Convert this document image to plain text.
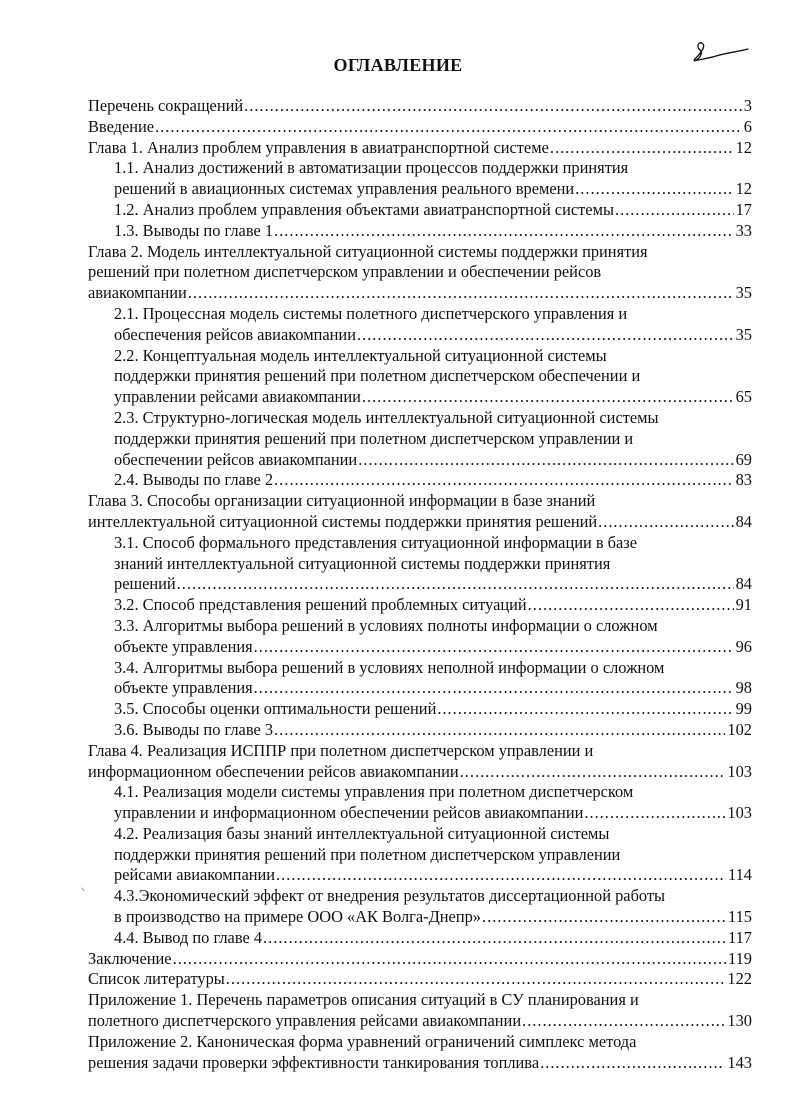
ОГЛАВЛЕНИЕ
Перечень сокращений .....	3
Введение .....	6
Глава 1. Анализ проблем управления в авиатранспортной системе .....	12
1.1. Анализ достижений в автоматизации процессов поддержки принятия
решений в авиационных системах управления реального времени .....	12
1.2. Анализ проблем управления объектами авиатранспортной системы .....	17
1.3. Выводы по главе 1 .....	33
Глава 2. Модель интеллектуальной ситуационной системы поддержки принятия
решений при полетном диспетчерском управлении и обеспечении рейсов
авиакомпании .....	35
2.1. Процессная модель системы полетного диспетчерского управления и
обеспечения рейсов авиакомпании .....	35
2.2. Концептуальная модель интеллектуальной ситуационной системы
поддержки принятия решений при полетном диспетчерском обеспечении и
управлении рейсами авиакомпании .....	65
2.3. Структурно-логическая модель интеллектуальной ситуационной системы
поддержки принятия решений при полетном диспетчерском управлении и
обеспечении рейсов авиакомпании .....	69
2.4. Выводы по главе 2 .....	83
Глава 3. Способы организации ситуационной информации в базе знаний
интеллектуальной ситуационной системы поддержки принятия решений .....	84
3.1. Способ формального представления ситуационной информации в базе
знаний интеллектуальной ситуационной системы поддержки принятия
решений .....	84
3.2. Способ представления решений проблемных ситуаций .....	91
3.3. Алгоритмы выбора решений в условиях полноты информации о сложном
объекте управления .....	96
3.4. Алгоритмы выбора решений в условиях неполной информации о сложном
объекте управления .....	98
3.5. Способы оценки оптимальности решений .....	99
3.6. Выводы по главе 3 .....	102
Глава 4. Реализация ИСППР при полетном диспетчерском управлении и
информационном обеспечении рейсов авиакомпании .....	103
4.1. Реализация модели системы управления при полетном диспетчерском
управлении и информационном обеспечении рейсов авиакомпании .....	103
4.2. Реализация базы знаний интеллектуальной ситуационной системы
поддержки принятия решений при полетном диспетчерском управлении
рейсами авиакомпании .....	114
4.3.Экономический эффект от внедрения результатов диссертационной работы
в производство на примере ООО «АК Волга-Днепр» .....	115
4.4. Вывод по главе 4 .....	117
Заключение .....	119
Список литературы .....	122
Приложение 1. Перечень параметров описания ситуаций в СУ планирования и
полетного диспетчерского управления рейсами авиакомпании .....	130
Приложение 2. Каноническая форма уравнений ограничений симплекс метода
решения задачи проверки эффективности танкирования топлива .....	143
